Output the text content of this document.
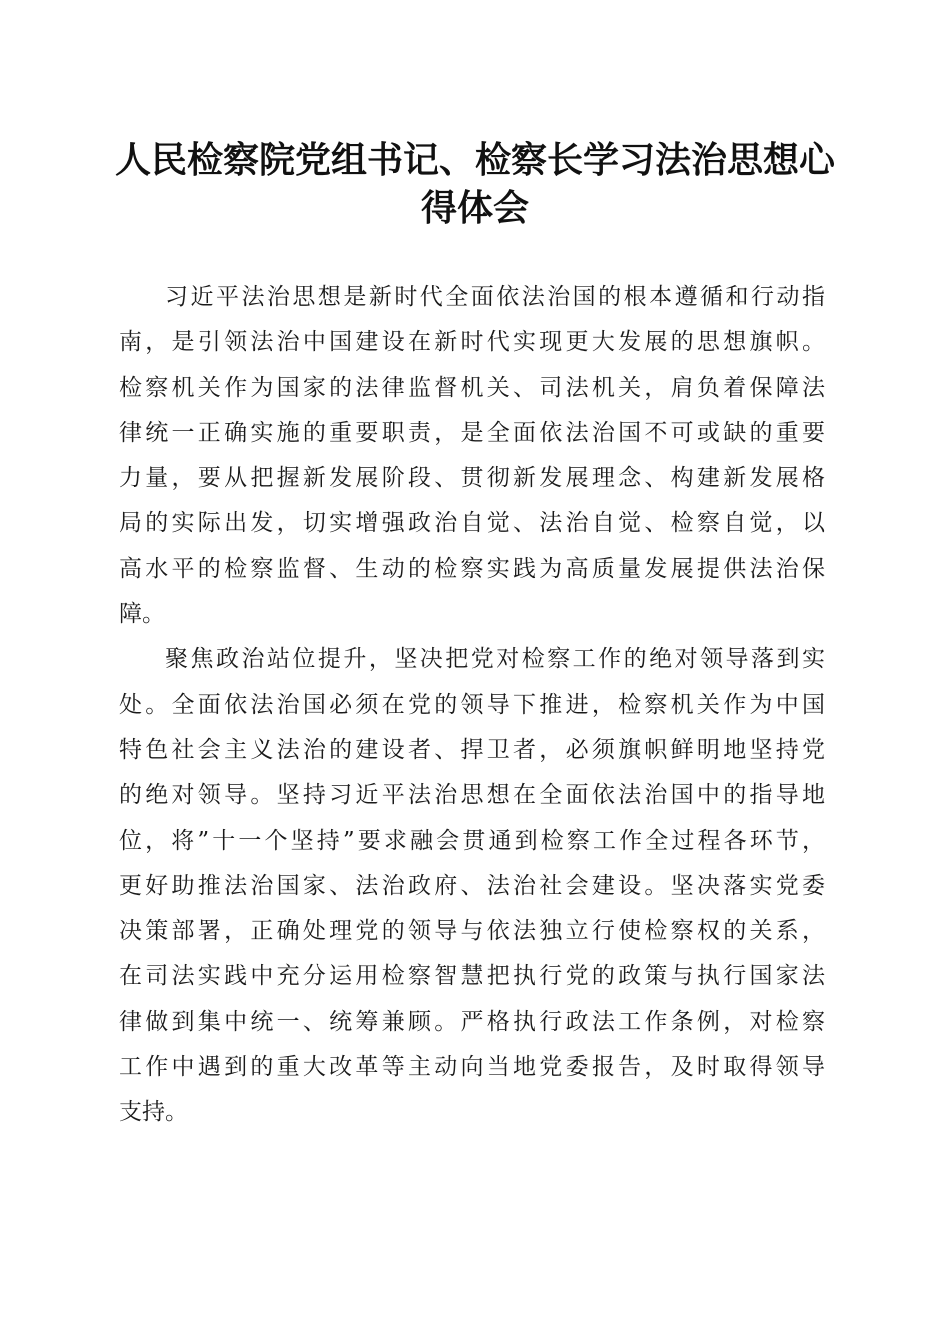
人民检察院党组书记、检察长学习法治思想心
得体会
习近平法治思想是新时代全面依法治国的根本遵循和行动指
南，是引领法治中国建设在新时代实现更大发展的思想旗帜。
检察机关作为国家的法律监督机关、司法机关，肩负着保障法
律统一正确实施的重要职责，是全面依法治国不可或缺的重要
力量，要从把握新发展阶段、贯彻新发展理念、构建新发展格
局的实际出发，切实增强政治自觉、法治自觉、检察自觉，以
高水平的检察监督、生动的检察实践为高质量发展提供法治保
障。
聚焦政治站位提升，坚决把党对检察工作的绝对领导落到实
处。全面依法治国必须在党的领导下推进，检察机关作为中国
特色社会主义法治的建设者、捍卫者，必须旗帜鲜明地坚持党
的绝对领导。坚持习近平法治思想在全面依法治国中的指导地
位，将”十一个坚持”要求融会贯通到检察工作全过程各环节，
更好助推法治国家、法治政府、法治社会建设。坚决落实党委
决策部署，正确处理党的领导与依法独立行使检察权的关系，
在司法实践中充分运用检察智慧把执行党的政策与执行国家法
律做到集中统一、统筹兼顾。严格执行政法工作条例，对检察
工作中遇到的重大改革等主动向当地党委报告，及时取得领导
支持。
